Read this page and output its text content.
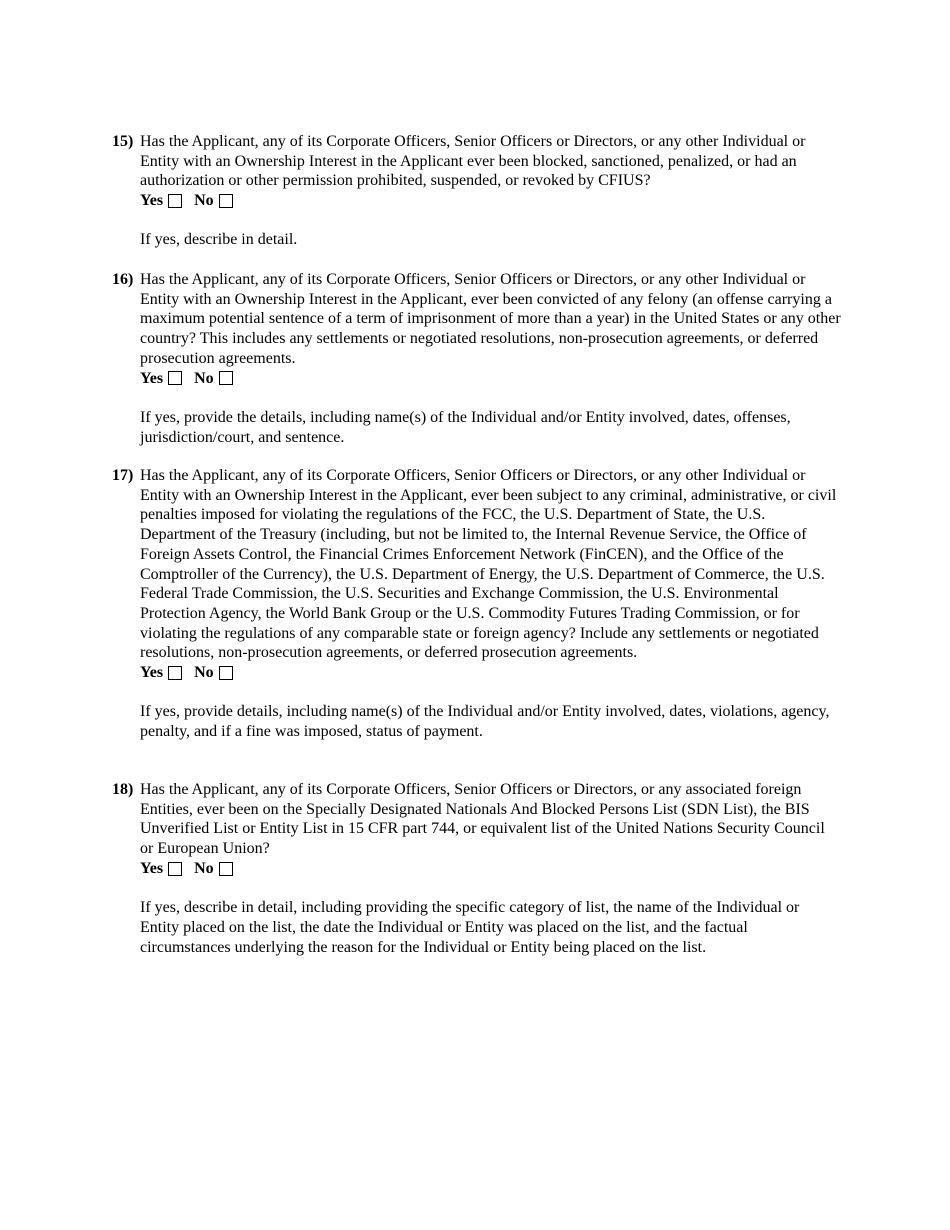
15) Has the Applicant, any of its Corporate Officers, Senior Officers or Directors, or any other Individual or Entity with an Ownership Interest in the Applicant ever been blocked, sanctioned, penalized, or had an authorization or other permission prohibited, suspended, or revoked by CFIUS?

Yes No

If yes, describe in detail.

16) Has the Applicant, any of its Corporate Officers, Senior Officers or Directors, or any other Individual or Entity with an Ownership Interest in the Applicant, ever been convicted of any felony (an offense carrying a maximum potential sentence of a term of imprisonment of more than a year) in the United States or any other country? This includes any settlements or negotiated resolutions, non-prosecution agreements, or deferred prosecution agreements.

Yes No

If yes, provide the details, including name(s) of the Individual and/or Entity involved, dates, offenses, jurisdiction/court, and sentence.

17) Has the Applicant, any of its Corporate Officers, Senior Officers or Directors, or any other Individual or Entity with an Ownership Interest in the Applicant, ever been subject to any criminal, administrative, or civil penalties imposed for violating the regulations of the FCC, the U.S. Department of State, the U.S. Department of the Treasury (including, but not be limited to, the Internal Revenue Service, the Office of Foreign Assets Control, the Financial Crimes Enforcement Network (FinCEN), and the Office of the Comptroller of the Currency), the U.S. Department of Energy, the U.S. Department of Commerce, the U.S. Federal Trade Commission, the U.S. Securities and Exchange Commission, the U.S. Environmental Protection Agency, the World Bank Group or the U.S. Commodity Futures Trading Commission, or for violating the regulations of any comparable state or foreign agency? Include any settlements or negotiated resolutions, non-prosecution agreements, or deferred prosecution agreements.

Yes No

If yes, provide details, including name(s) of the Individual and/or Entity involved, dates, violations, agency, penalty, and if a fine was imposed, status of payment.

18) Has the Applicant, any of its Corporate Officers, Senior Officers or Directors, or any associated foreign Entities, ever been on the Specially Designated Nationals And Blocked Persons List (SDN List), the BIS Unverified List or Entity List in 15 CFR part 744, or equivalent list of the United Nations Security Council or European Union?

Yes No

If yes, describe in detail, including providing the specific category of list, the name of the Individual or Entity placed on the list, the date the Individual or Entity was placed on the list, and the factual circumstances underlying the reason for the Individual or Entity being placed on the list.
